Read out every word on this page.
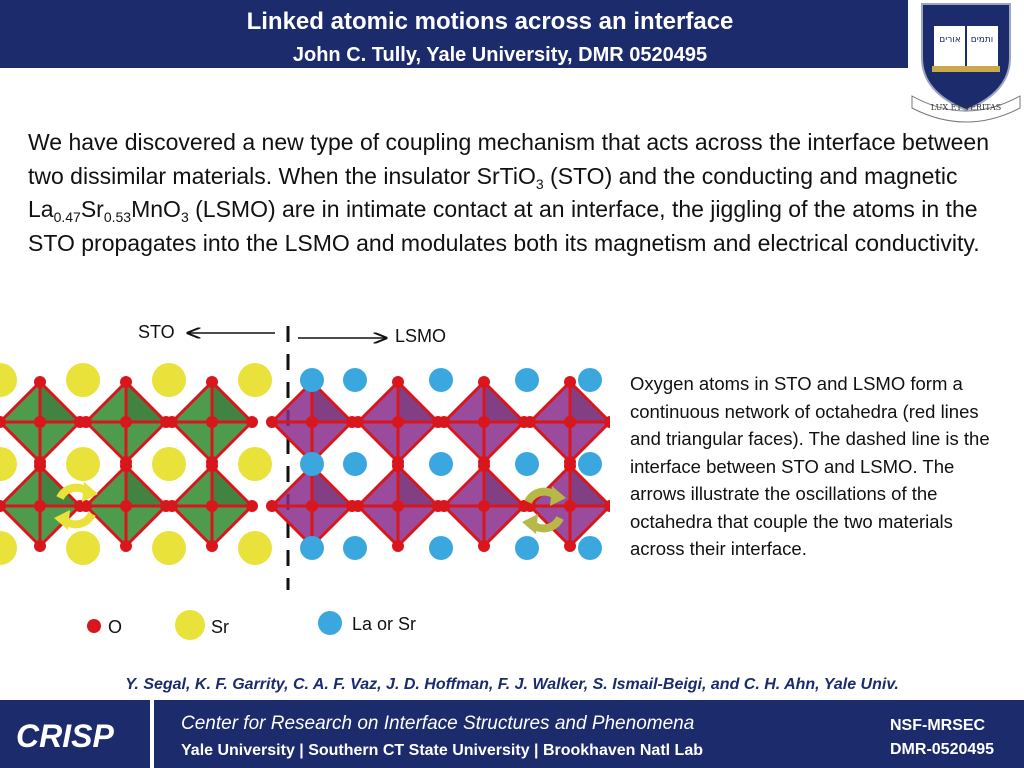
Linked atomic motions across an interface
John C. Tully, Yale University, DMR 0520495
אורים ותמים
LUX ET VERITAS
We have discovered a new type of coupling mechanism that acts across the interface between two dissimilar materials. When the insulator SrTiO$_3$ (STO) and the conducting and magnetic $La_{0.47}Sr_{0.53}MnO_3$ (LSMO) are in intimate contact at an interface, the jiggling of the atoms in the STO propagates into the LSMO and modulates both its magnetism and electrical conductivity.
STO	LSMO
Oxygen atoms in STO and LSMO form a continuous network of octahedra (red lines and triangular faces). The dashed line is the interface between STO and LSMO. The arrows illustrate the oscillations of the octahedra that couple the two materials across their interface.
O	Sr	La or Sr
Y. Segal, K. F. Garrity, C. A. F. Vaz, J. D. Hoffman, F. J. Walker, S. Ismail-Beigi, and C. H. Ahn, Yale Univ.
CRISP	Center for Research on Interface Structures and Phenomena
Yale University | Southern CT State University | Brookhaven Natl Lab
NSF-MRSEC
DMR-0520495
